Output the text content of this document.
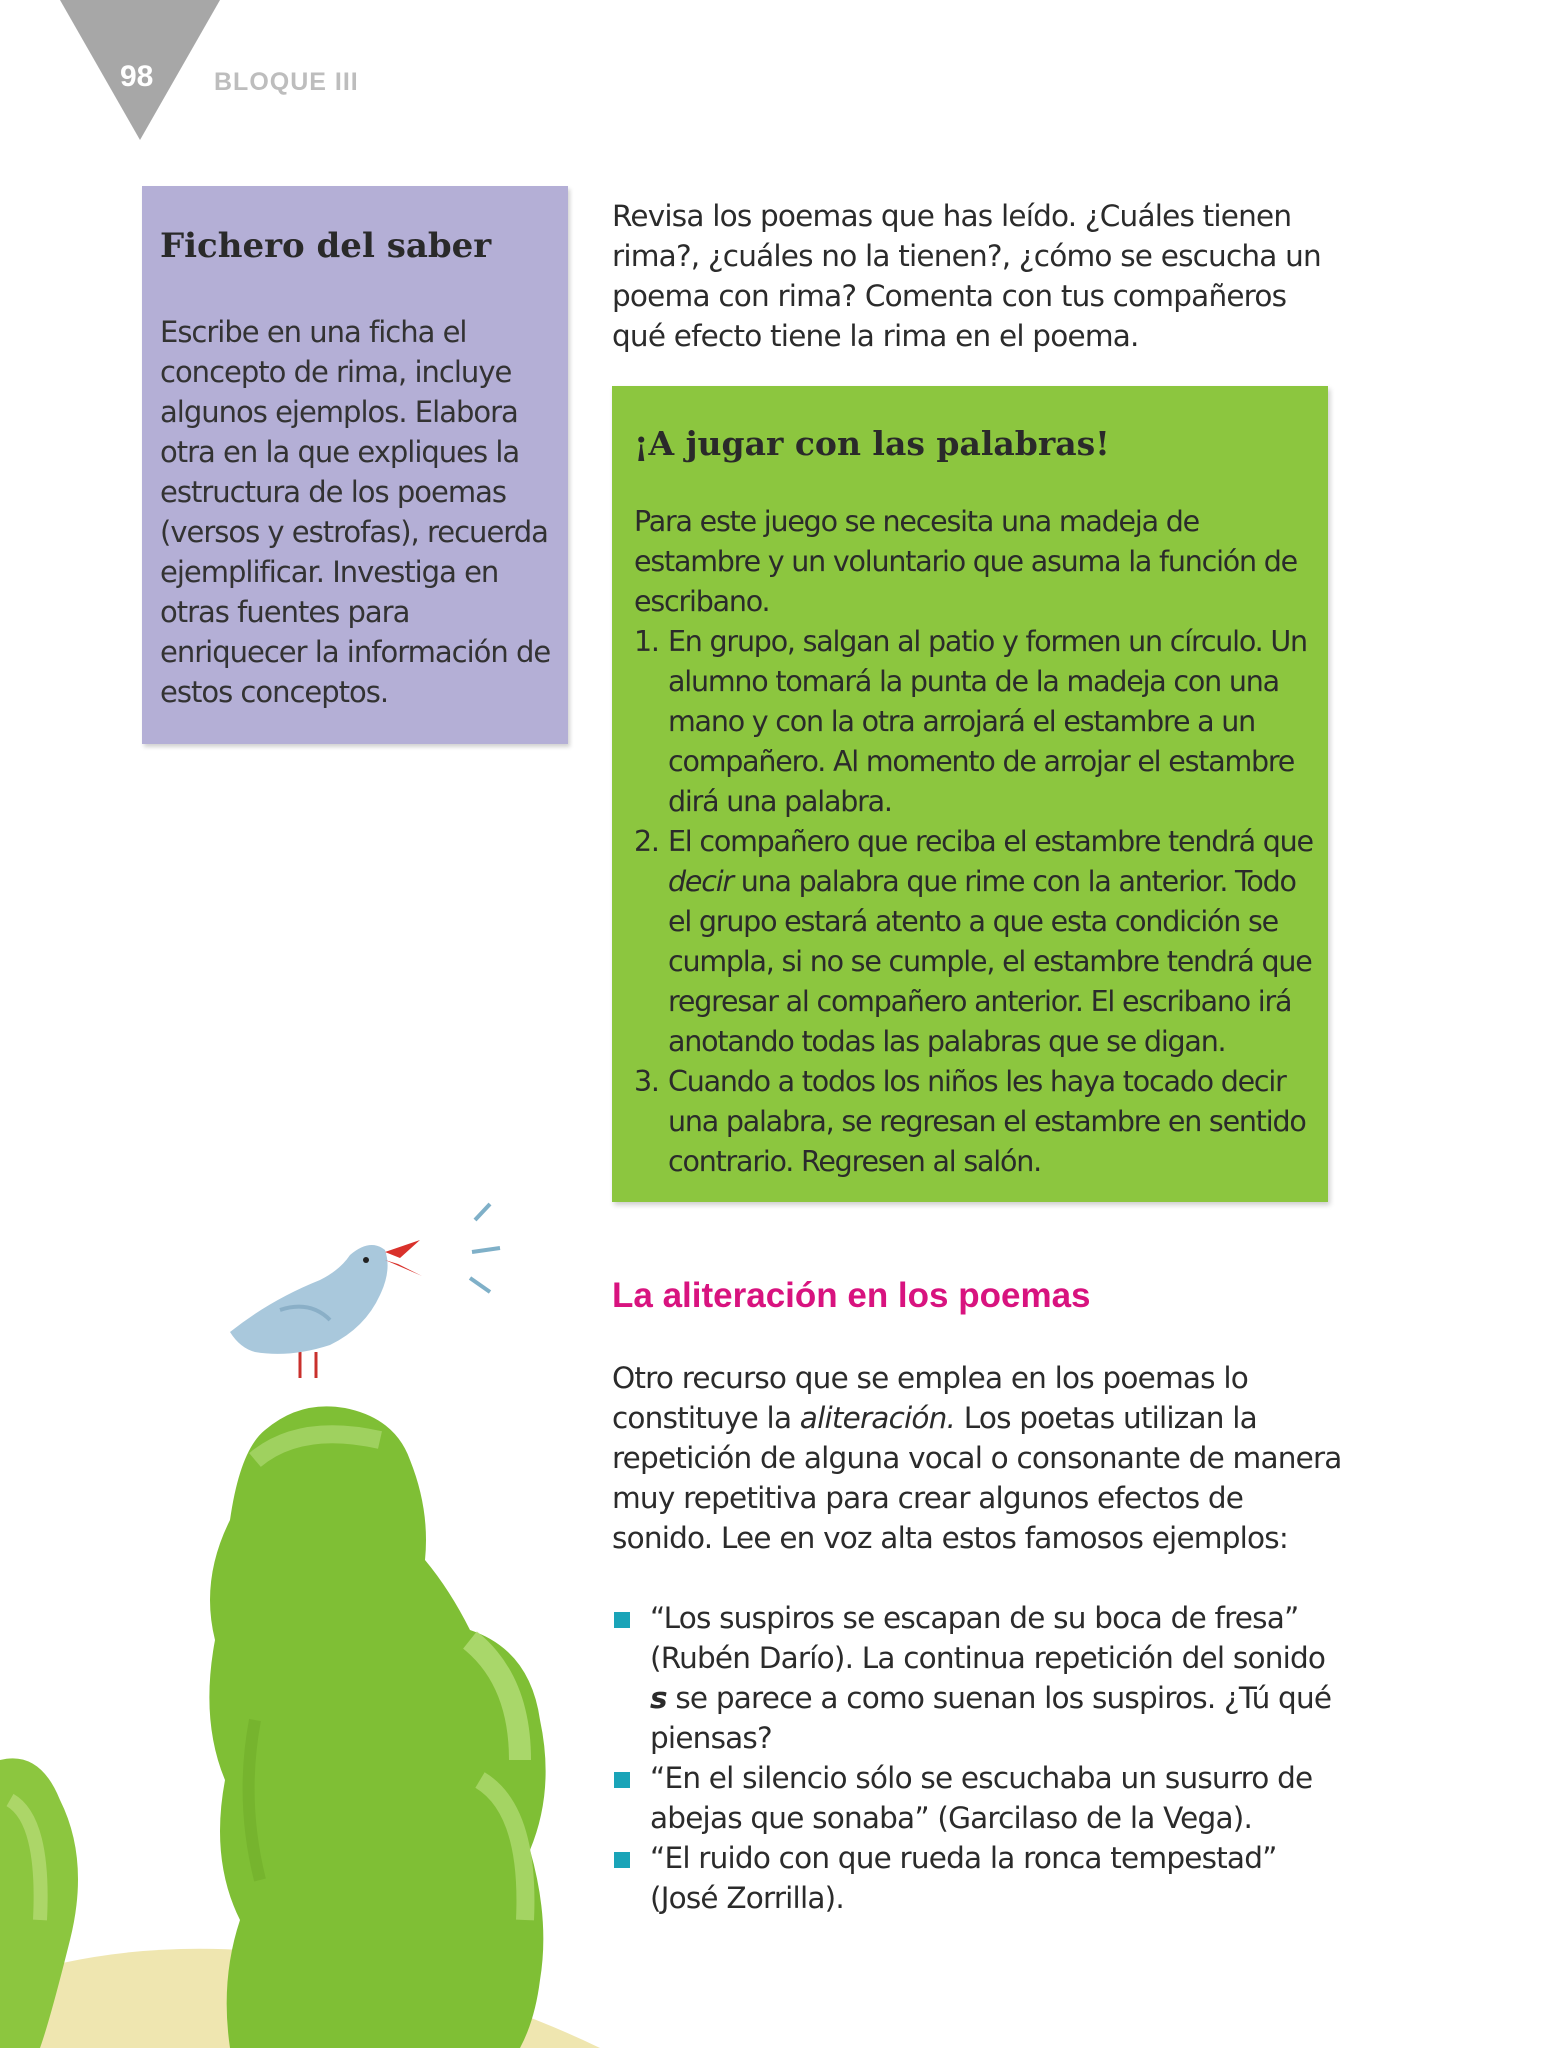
98 BLOQUE III
Fichero del saber

Escribe en una ficha el concepto de rima, incluye algunos ejemplos. Elabora otra en la que expliques la estructura de los poemas (versos y estrofas), recuerda ejemplificar. Investiga en otras fuentes para enriquecer la información de estos conceptos.

Revisa los poemas que has leído. ¿Cuáles tienen rima?, ¿cuáles no la tienen?, ¿cómo se escucha un poema con rima? Comenta con tus compañeros qué efecto tiene la rima en el poema.

¡A jugar con las palabras!

Para este juego se necesita una madeja de estambre y un voluntario que asuma la función de escribano.

1. En grupo, salgan al patio y formen un círculo. Un alumno tomará la punta de la madeja con una mano y con la otra arrojará el estambre a un compañero. Al momento de arrojar el estambre dirá una palabra.
2. El compañero que reciba el estambre tendrá que decir una palabra que rime con la anterior. Todo el grupo estará atento a que esta condición se cumpla, si no se cumple, el estambre tendrá que regresar al compañero anterior. El escribano irá anotando todas las palabras que se digan.
3. Cuando a todos los niños les haya tocado decir una palabra, se regresan el estambre en sentido contrario. Regresen al salón.
La aliteración en los poemas

Otro recurso que se emplea en los poemas lo constituye la aliteración. Los poetas utilizan la repetición de alguna vocal o consonante de manera muy repetitiva para crear algunos efectos de sonido. Lee en voz alta estos famosos ejemplos:

“Los suspiros se escapan de su boca de fresa” (Rubén Darío). La continua repetición del sonido s se parece a como suenan los suspiros. ¿Tú qué piensas?
“En el silencio sólo se escuchaba un susurro de abejas que sonaba” (Garcilaso de la Vega).
“El ruido con que rueda la ronca tempestad” (José Zorrilla).
